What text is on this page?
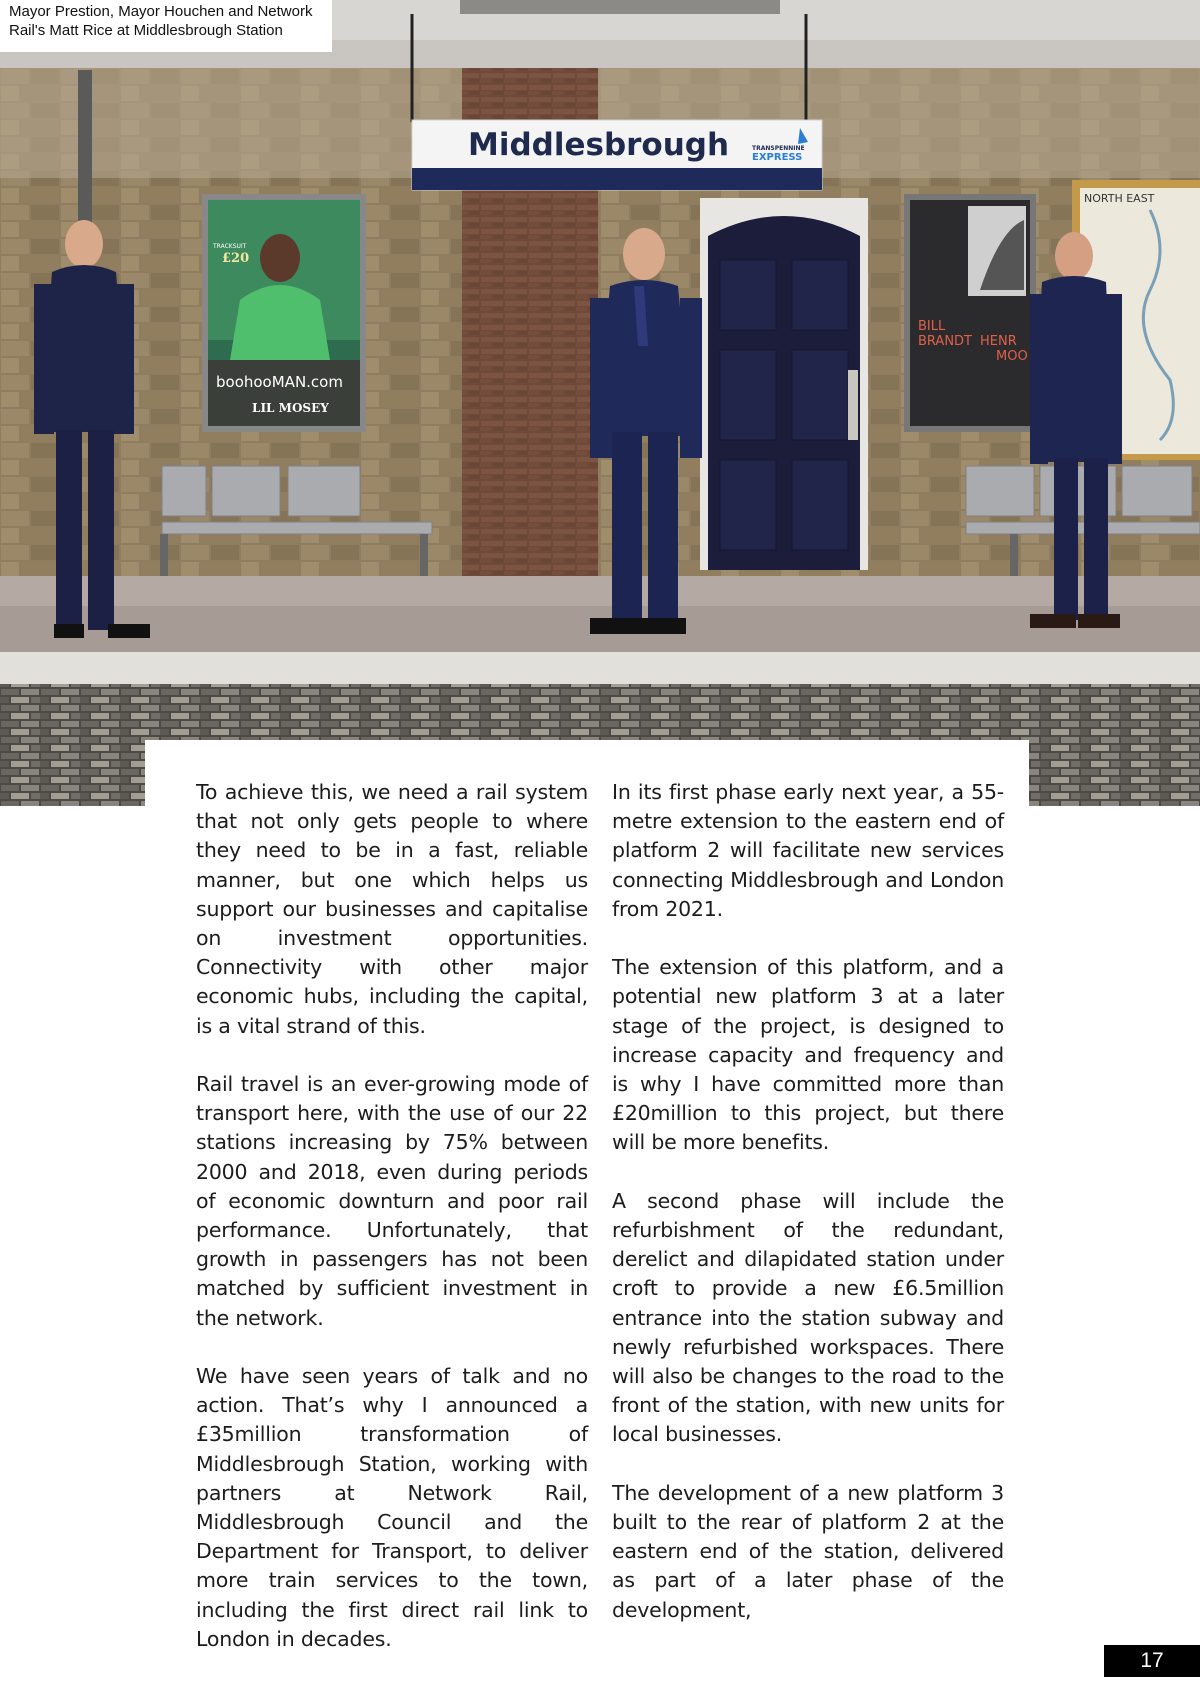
Middlesbrough	TRANSPENNINE
EXPRESS
TRACKSUIT
£20
boohooMAN.com
LIL MOSEY
BILL
BRANDT HENR
MOO
NORTH EAST
Mayor Prestion, Mayor Houchen and Network
Rail's Matt Rice at Middlesbrough Station

To achieve this, we need a rail system that not only gets people to where they need to be in a fast, reliable manner, but one which helps us support our businesses and capitalise on investment opportunities. Connectivity with other major economic hubs, including the capital, is a vital strand of this.

Rail travel is an ever-growing mode of transport here, with the use of our 22 stations increasing by 75% between 2000 and 2018, even during periods of economic downturn and poor rail performance. Unfortunately, that growth in passengers has not been matched by sufficient investment in the network.

We have seen years of talk and no action. That’s why I announced a £35million transformation of Middlesbrough Station, working with partners at Network Rail, Middlesbrough Council and the Department for Transport, to deliver more train services to the town, including the first direct rail link to London in decades.

In its first phase early next year, a 55-metre extension to the eastern end of platform 2 will facilitate new services connecting Middlesbrough and London from 2021.

The extension of this platform, and a potential new platform 3 at a later stage of the project, is designed to increase capacity and frequency and is why I have committed more than £20million to this project, but there will be more benefits.

A second phase will include the refurbishment of the redundant, derelict and dilapidated station under croft to provide a new £6.5million entrance into the station subway and newly refurbished workspaces. There will also be changes to the road to the front of the station, with new units for local businesses.

The development of a new platform 3 built to the rear of platform 2 at the eastern end of the station, delivered as part of a later phase of the development,

17
